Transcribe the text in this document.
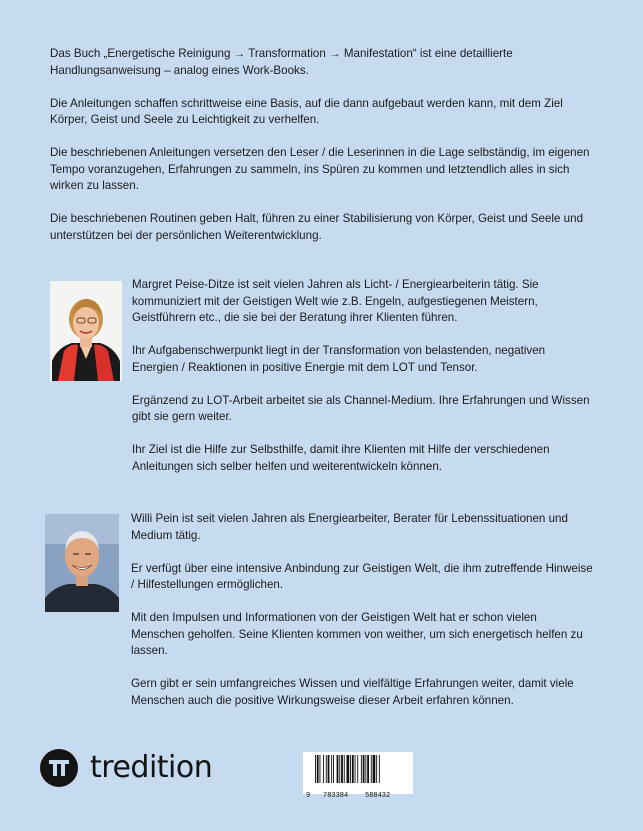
Das Buch „Energetische Reinigung → Transformation → Manifestation“ ist eine detaillierte Handlungsanweisung – analog eines Work-Books.

Die Anleitungen schaffen schrittweise eine Basis, auf die dann aufgebaut werden kann, mit dem Ziel Körper, Geist und Seele zu Leichtigkeit zu verhelfen.

Die beschriebenen Anleitungen versetzen den Leser / die Leserinnen in die Lage selbständig, im eigenen Tempo voranzugehen, Erfahrungen zu sammeln, ins Spüren zu kommen und letztendlich alles in sich wirken zu lassen.

Die beschriebenen Routinen geben Halt, führen zu einer Stabilisierung von Körper, Geist und Seele und unterstützen bei der persönlichen Weiterentwicklung.

Margret Peise-Ditze ist seit vielen Jahren als Licht- / Energiearbeiterin tätig. Sie kommuniziert mit der Geistigen Welt wie z.B. Engeln, aufgestiegenen Meistern, Geistführern etc., die sie bei der Beratung ihrer Klienten führen.

Ihr Aufgabenschwerpunkt liegt in der Transformation von belastenden, negativen Energien / Reaktionen in positive Energie mit dem LOT und Tensor.

Ergänzend zu LOT-Arbeit arbeitet sie als Channel-Medium. Ihre Erfahrungen und Wissen gibt sie gern weiter.

Ihr Ziel ist die Hilfe zur Selbsthilfe, damit ihre Klienten mit Hilfe der verschiedenen Anleitungen sich selber helfen und weiterentwickeln können.

Willi Pein ist seit vielen Jahren als Energiearbeiter, Berater für Lebenssituationen und Medium tätig.

Er verfügt über eine intensive Anbindung zur Geistigen Welt, die ihm zutreffende Hinweise / Hilfestellungen ermöglichen.

Mit den Impulsen und Informationen von der Geistigen Welt hat er schon vielen Menschen geholfen. Seine Klienten kommen von weither, um sich energetisch helfen zu lassen.

Gern gibt er sein umfangreiches Wissen und vielfältige Erfahrungen weiter, damit viele Menschen auch die positive Wirkungsweise dieser Arbeit erfahren können.

tredition
9 783384 588432
